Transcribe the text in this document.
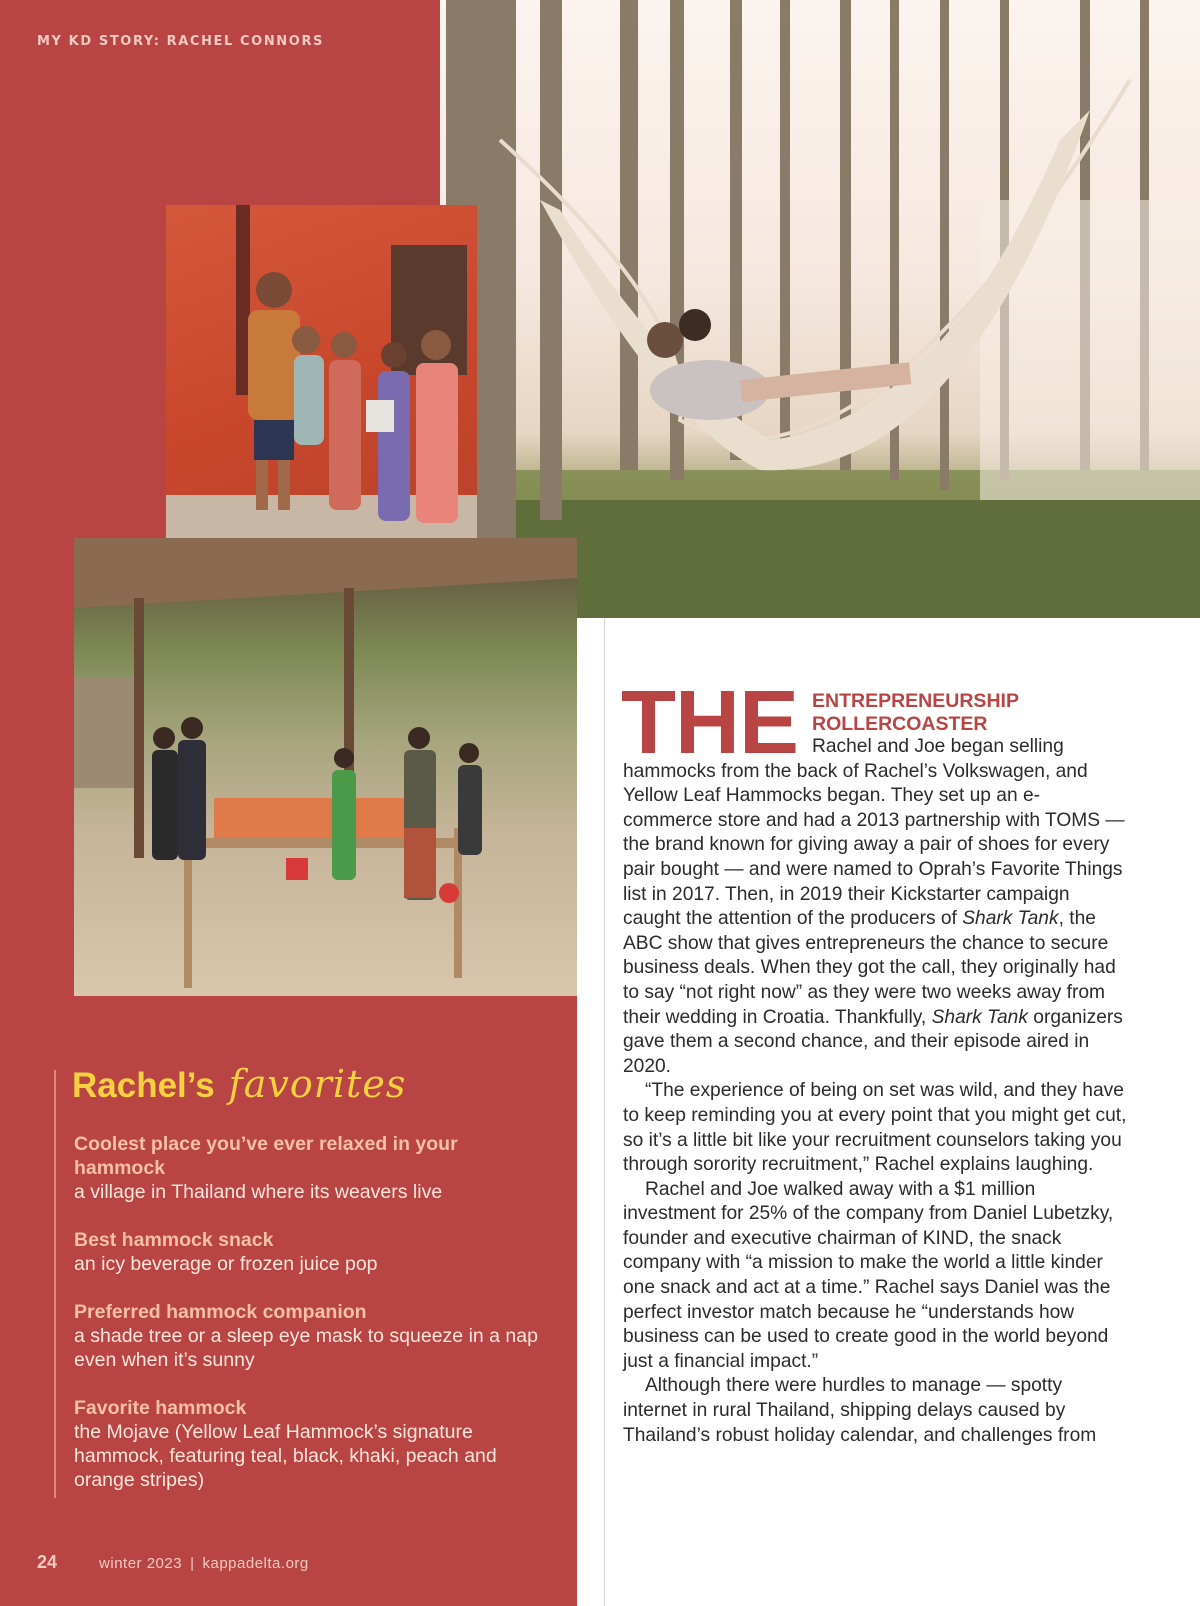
MY KD STORY: RACHEL CONNORS
Rachel’s favorites
Coolest place you’ve ever relaxed in your hammock
a village in Thailand where its weavers live
Best hammock snack
an icy beverage or frozen juice pop
Preferred hammock companion
a shade tree or a sleep eye mask to squeeze in a nap even when it’s sunny
Favorite hammock
the Mojave (Yellow Leaf Hammock’s signature hammock, featuring teal, black, khaki, peach and orange stripes)
24	winter 2023 | kappadelta.org
THE ENTREPRENEURSHIP
ROLLERCOASTER

Rachel and Joe began selling hammocks from the back of Rachel’s Volkswagen, and Yellow Leaf Hammocks began. They set up an e-commerce store and had a 2013 partnership with TOMS — the brand known for giving away a pair of shoes for every pair bought — and were named to Oprah’s Favorite Things list in 2017. Then, in 2019 their Kickstarter campaign caught the attention of the producers of Shark Tank, the ABC show that gives entrepreneurs the chance to secure business deals. When they got the call, they originally had to say “not right now” as they were two weeks away from their wedding in Croatia. Thankfully, Shark Tank organizers gave them a second chance, and their episode aired in 2020.

“The experience of being on set was wild, and they have to keep reminding you at every point that you might get cut, so it’s a little bit like your recruitment counselors taking you through sorority recruitment,” Rachel explains laughing.

Rachel and Joe walked away with a $1 million investment for 25% of the company from Daniel Lubetzky, founder and executive chairman of KIND, the snack company with “a mission to make the world a little kinder one snack and act at a time.” Rachel says Daniel was the perfect investor match because he “understands how business can be used to create good in the world beyond just a financial impact.”

Although there were hurdles to manage — spotty internet in rural Thailand, shipping delays caused by Thailand’s robust holiday calendar, and challenges from
